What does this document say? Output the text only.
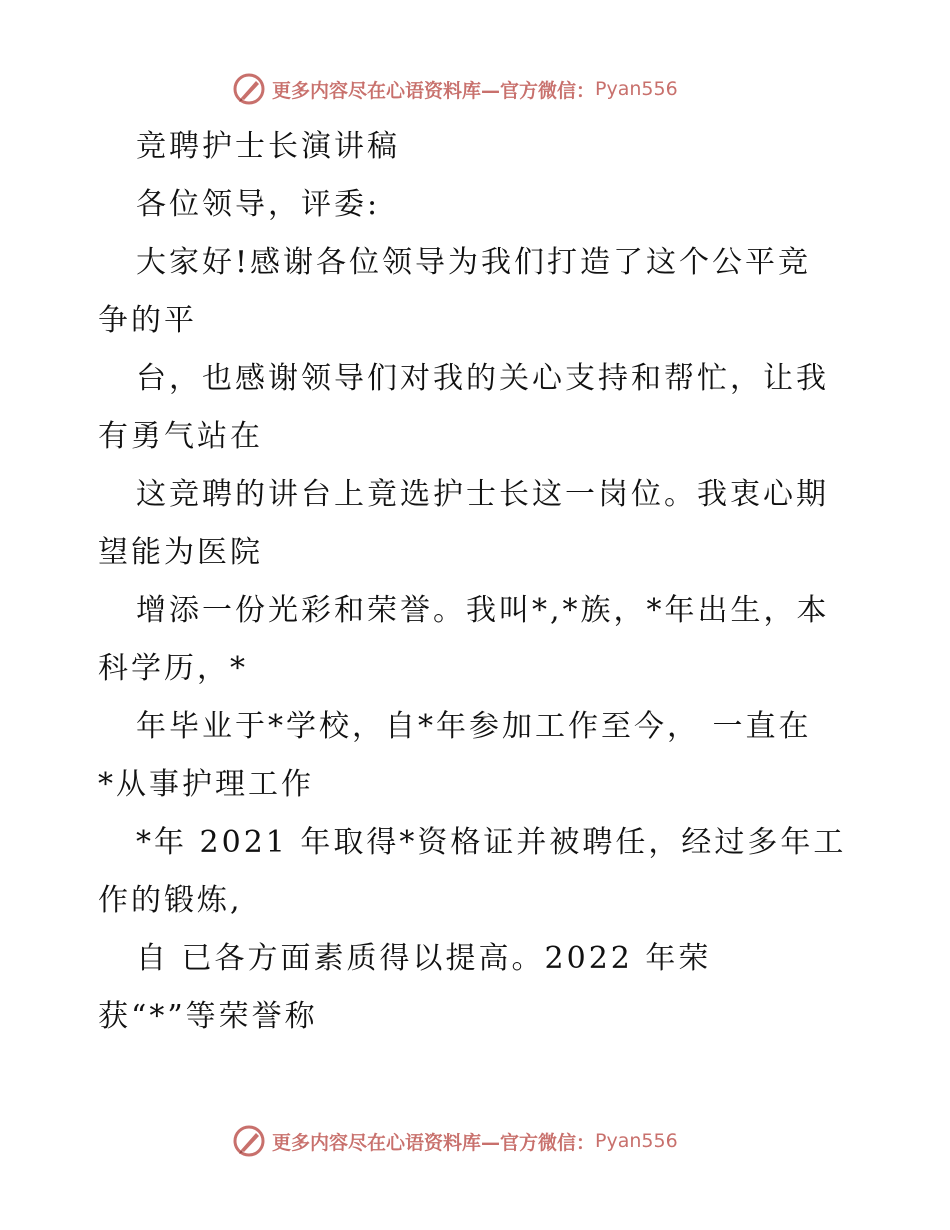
更多内容尽在心语资料库—官方微信： Pyan556
竞聘护士长演讲稿
各位领导，评委:
大家好!感谢各位领导为我们打造了这个公平竞
争的平
台，也感谢领导们对我的关心支持和帮忙，让我
有勇气站在
这竞聘的讲台上竟选护士长这一岗位。我衷心期
望能为医院
增添一份光彩和荣誉。我叫*,*族，*年出生，本
科学历，*
年毕业于*学校，自*年参加工作至今， 一直在
*从事护理工作
*年 2021 年取得*资格证并被聘任，经过多年工
作的锻炼,
自 已各方面素质得以提高。2022 年荣
获“*”等荣誉称
更多内容尽在心语资料库—官方微信： Pyan556
